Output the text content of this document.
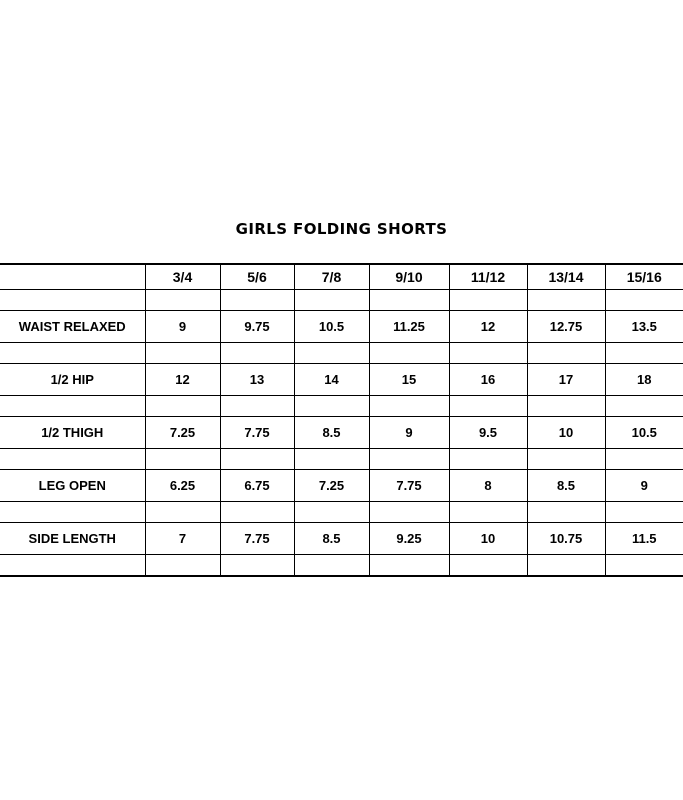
GIRLS FOLDING SHORTS
	3/4	5/6	7/8	9/10	11/12	13/14	15/16

WAIST RELAXED	9	9.75	10.5	11.25	12	12.75	13.5

1/2 HIP	12	13	14	15	16	17	18

1/2 THIGH	7.25	7.75	8.5	9	9.5	10	10.5

LEG OPEN	6.25	6.75	7.25	7.75	8	8.5	9

SIDE LENGTH	7	7.75	8.5	9.25	10	10.75	11.5
